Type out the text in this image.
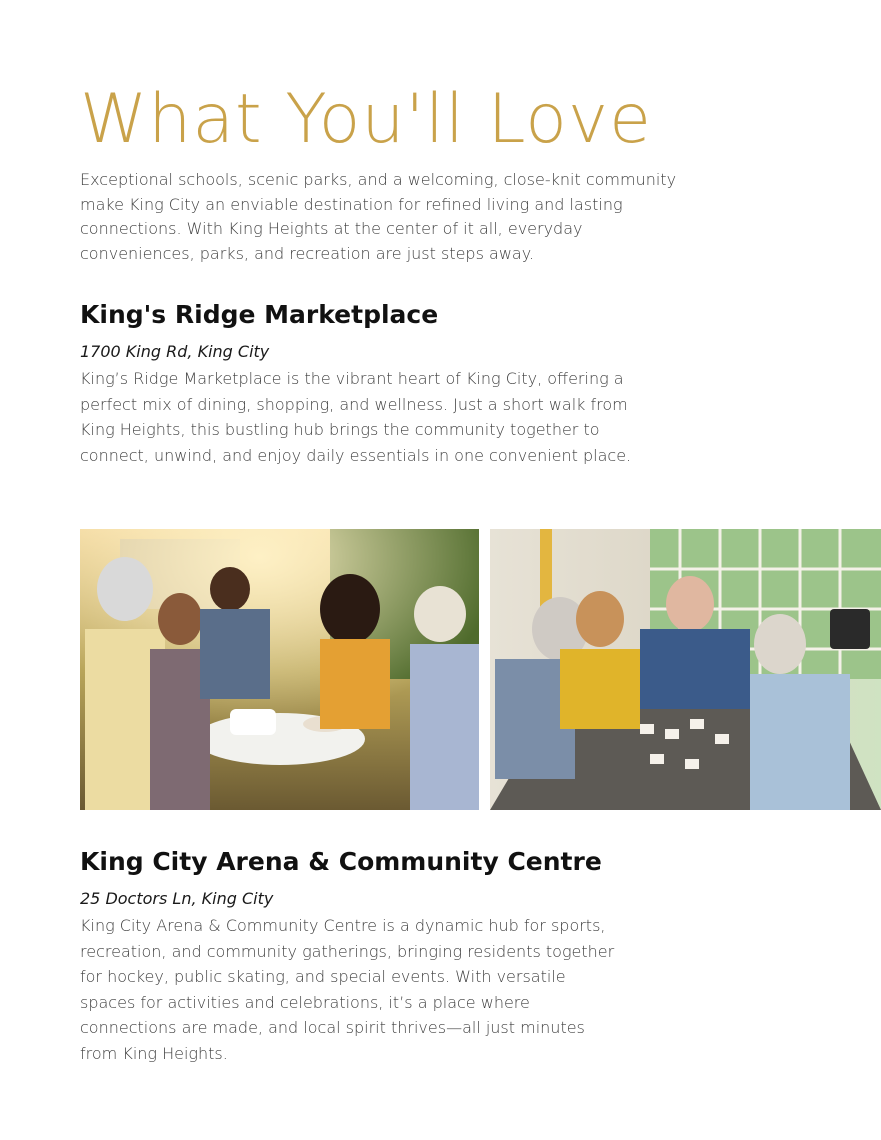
What You'll Love

Exceptional schools, scenic parks, and a welcoming, close-knit community make King City an enviable destination for refined living and lasting connections. With King Heights at the center of it all, everyday conveniences, parks, and recreation are just steps away.

King's Ridge Marketplace

1700 King Rd, King City

King’s Ridge Marketplace is the vibrant heart of King City, offering a perfect mix of dining, shopping, and wellness. Just a short walk from King Heights, this bustling hub brings the community together to connect, unwind, and enjoy daily essentials in one convenient place.

King City Arena & Community Centre

25 Doctors Ln, King City

King City Arena & Community Centre is a dynamic hub for sports, recreation, and community gatherings, bringing residents together for hockey, public skating, and special events. With versatile spaces for activities and celebrations, it’s a place where connections are made, and local spirit thrives—all just minutes from King Heights.
